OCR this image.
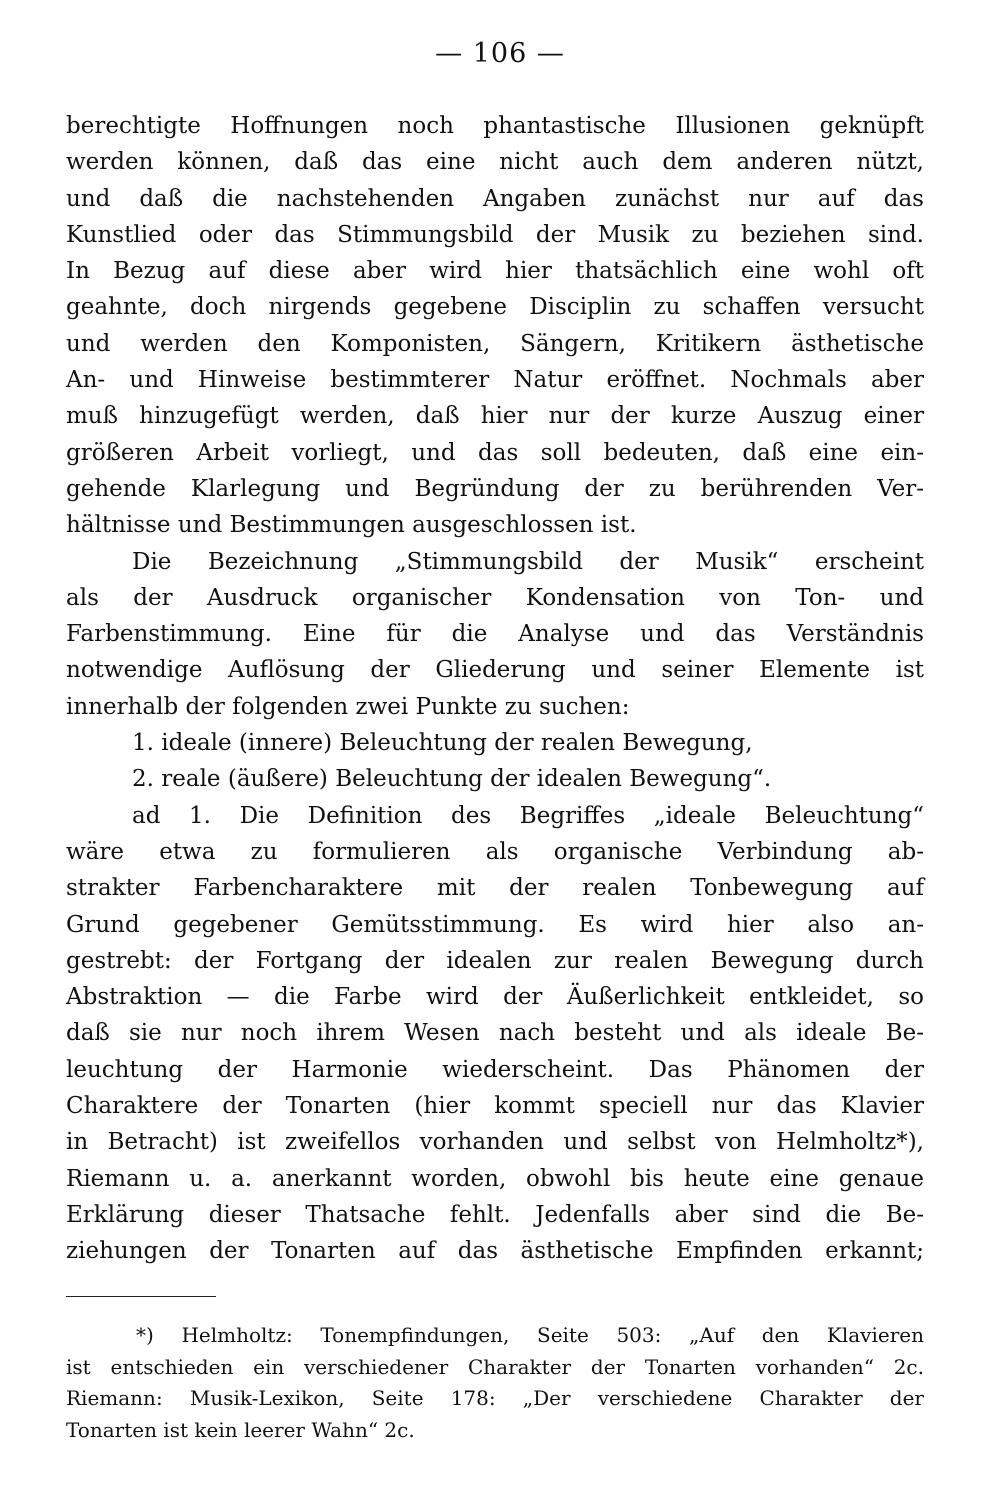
— 106 —
berechtigte Hoffnungen noch phantastische Illusionen geknüpft
werden können, daß das eine nicht auch dem anderen nützt,
und daß die nachstehenden Angaben zunächst nur auf das
Kunstlied oder das Stimmungsbild der Musik zu beziehen sind.
In Bezug auf diese aber wird hier thatsächlich eine wohl oft
geahnte, doch nirgends gegebene Disciplin zu schaffen versucht
und werden den Komponisten, Sängern, Kritikern ästhetische
An- und Hinweise bestimmterer Natur eröffnet. Nochmals aber
muß hinzugefügt werden, daß hier nur der kurze Auszug einer
größeren Arbeit vorliegt, und das soll bedeuten, daß eine ein-
gehende Klarlegung und Begründung der zu berührenden Ver-
hältnisse und Bestimmungen ausgeschlossen ist.
Die Bezeichnung „Stimmungsbild der Musik“ erscheint
als der Ausdruck organischer Kondensation von Ton- und
Farbenstimmung. Eine für die Analyse und das Verständnis
notwendige Auflösung der Gliederung und seiner Elemente ist
innerhalb der folgenden zwei Punkte zu suchen:
1. ideale (innere) Beleuchtung der realen Bewegung,
2. reale (äußere) Beleuchtung der idealen Bewegung“.
ad 1. Die Definition des Begriffes „ideale Beleuchtung“
wäre etwa zu formulieren als organische Verbindung ab-
strakter Farbencharaktere mit der realen Tonbewegung auf
Grund gegebener Gemütsstimmung. Es wird hier also an-
gestrebt: der Fortgang der idealen zur realen Bewegung durch
Abstraktion — die Farbe wird der Äußerlichkeit entkleidet, so
daß sie nur noch ihrem Wesen nach besteht und als ideale Be-
leuchtung der Harmonie wiederscheint. Das Phänomen der
Charaktere der Tonarten (hier kommt speciell nur das Klavier
in Betracht) ist zweifellos vorhanden und selbst von Helmholtz*),
Riemann u. a. anerkannt worden, obwohl bis heute eine genaue
Erklärung dieser Thatsache fehlt. Jedenfalls aber sind die Be-
ziehungen der Tonarten auf das ästhetische Empfinden erkannt;
*) Helmholtz: Tonempfindungen, Seite 503: „Auf den Klavieren
ist entschieden ein verschiedener Charakter der Tonarten vorhanden“ 2c.
Riemann: Musik-Lexikon, Seite 178: „Der verschiedene Charakter der
Tonarten ist kein leerer Wahn“ 2c.
